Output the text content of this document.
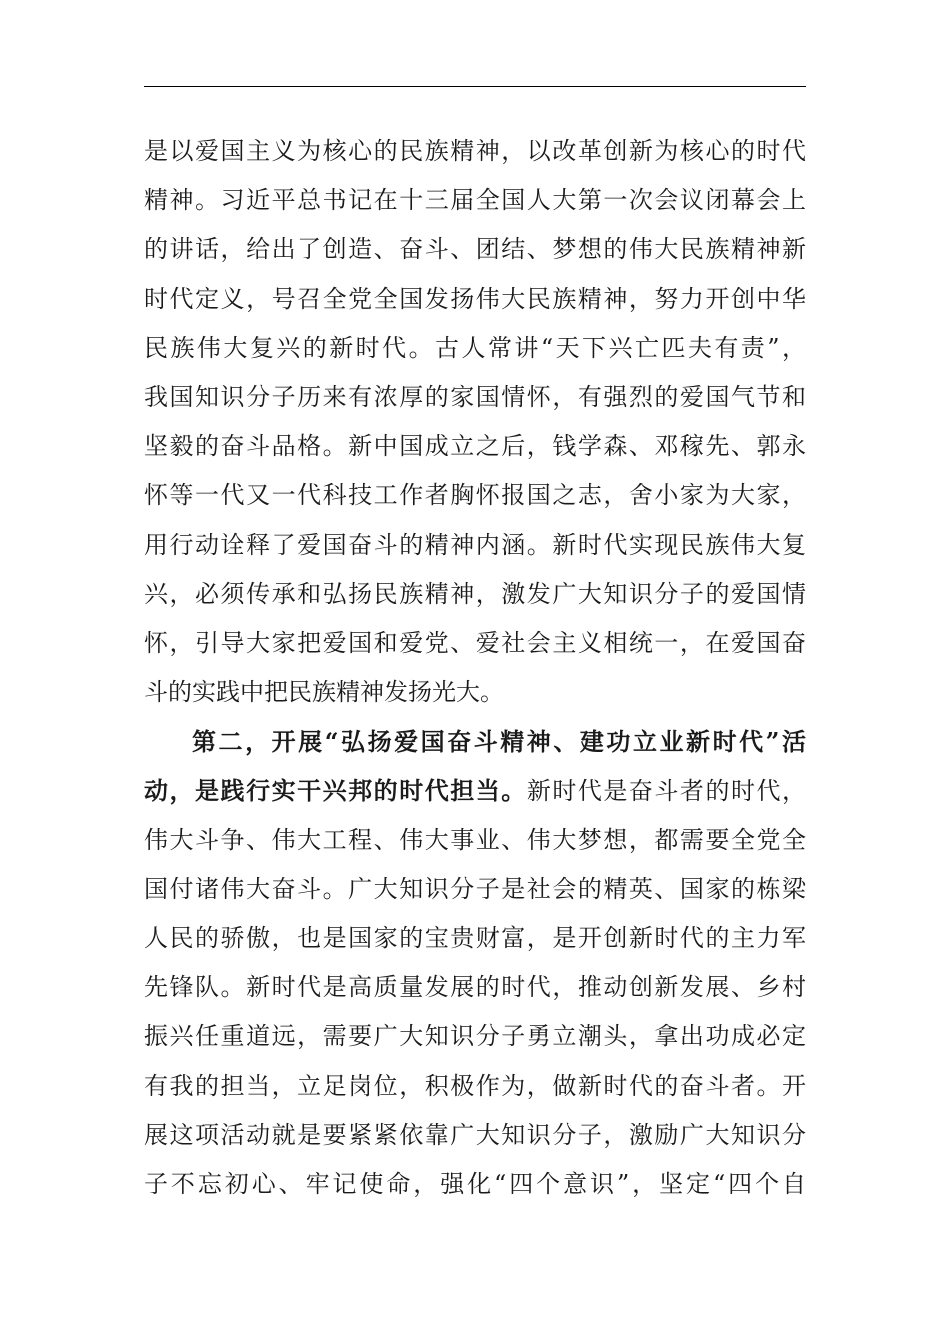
是以爱国主义为核心的民族精神，以改革创新为核心的时代
精神。习近平总书记在十三届全国人大第一次会议闭幕会上
的讲话，给出了创造、奋斗、团结、梦想的伟大民族精神新
时代定义，号召全党全国发扬伟大民族精神，努力开创中华
民族伟大复兴的新时代。古人常讲“天下兴亡匹夫有责”，
我国知识分子历来有浓厚的家国情怀，有强烈的爱国气节和
坚毅的奋斗品格。新中国成立之后，钱学森、邓稼先、郭永
怀等一代又一代科技工作者胸怀报国之志，舍小家为大家，
用行动诠释了爱国奋斗的精神内涵。新时代实现民族伟大复
兴，必须传承和弘扬民族精神，激发广大知识分子的爱国情
怀，引导大家把爱国和爱党、爱社会主义相统一，在爱国奋
斗的实践中把民族精神发扬光大。
第二，开展“弘扬爱国奋斗精神、建功立业新时代”活
动，是践行实干兴邦的时代担当。新时代是奋斗者的时代，
伟大斗争、伟大工程、伟大事业、伟大梦想，都需要全党全
国付诸伟大奋斗。广大知识分子是社会的精英、国家的栋梁
人民的骄傲，也是国家的宝贵财富，是开创新时代的主力军
先锋队。新时代是高质量发展的时代，推动创新发展、乡村
振兴任重道远，需要广大知识分子勇立潮头，拿出功成必定
有我的担当，立足岗位，积极作为，做新时代的奋斗者。开
展这项活动就是要紧紧依靠广大知识分子，激励广大知识分
子不忘初心、牢记使命，强化“四个意识”，坚定“四个自
